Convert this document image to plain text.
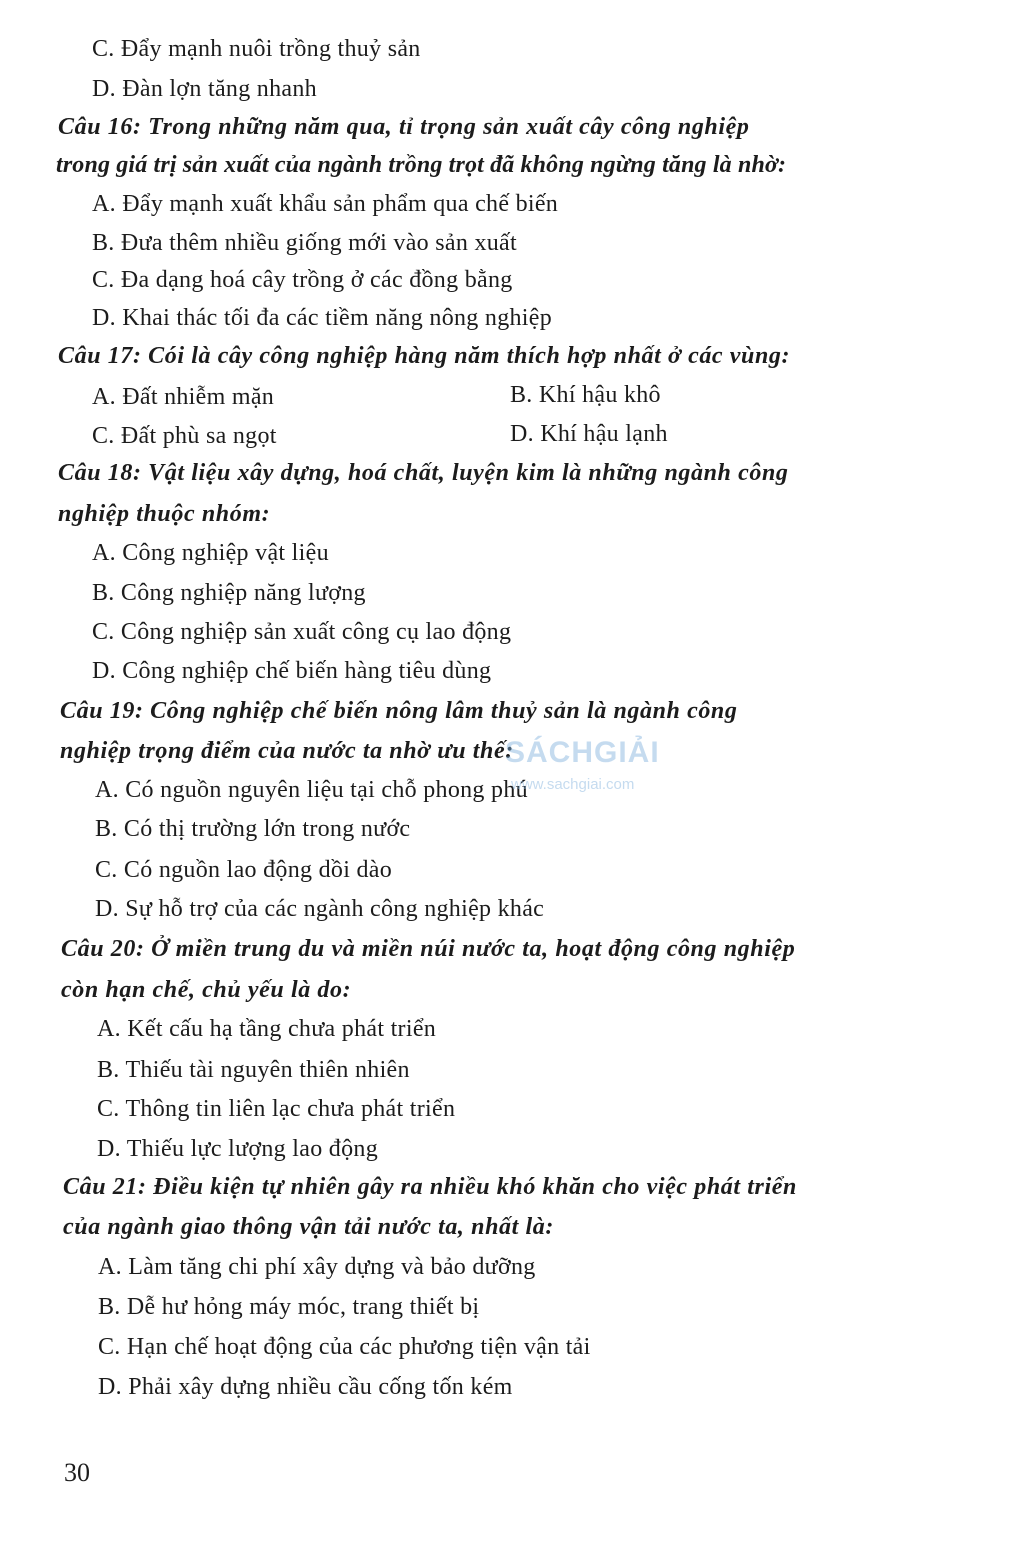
C. Đẩy mạnh nuôi trồng thuỷ sản
D. Đàn lợn tăng nhanh
Câu 16: Trong những năm qua, tỉ trọng sản xuất cây công nghiệp
trong giá trị sản xuất của ngành trồng trọt đã không ngừng tăng là nhờ:
A. Đẩy mạnh xuất khẩu sản phẩm qua chế biến
B. Đưa thêm nhiều giống mới vào sản xuất
C. Đa dạng hoá cây trồng ở các đồng bằng
D. Khai thác tối đa các tiềm năng nông nghiệp
Câu 17: Cói là cây công nghiệp hàng năm thích hợp nhất ở các vùng:
A. Đất nhiễm mặn	B. Khí hậu khô
C. Đất phù sa ngọt	D. Khí hậu lạnh
Câu 18: Vật liệu xây dựng, hoá chất, luyện kim là những ngành công
nghiệp thuộc nhóm:
A. Công nghiệp vật liệu
B. Công nghiệp năng lượng
C. Công nghiệp sản xuất công cụ lao động
D. Công nghiệp chế biến hàng tiêu dùng
Câu 19: Công nghiệp chế biến nông lâm thuỷ sản là ngành công
nghiệp trọng điểm của nước ta nhờ ưu thế:
A. Có nguồn nguyên liệu tại chỗ phong phú
B. Có thị trường lớn trong nước
C. Có nguồn lao động dồi dào
D. Sự hỗ trợ của các ngành công nghiệp khác
Câu 20: Ở miền trung du và miền núi nước ta, hoạt động công nghiệp
còn hạn chế, chủ yếu là do:
A. Kết cấu hạ tầng chưa phát triển
B. Thiếu tài nguyên thiên nhiên
C. Thông tin liên lạc chưa phát triển
D. Thiếu lực lượng lao động
Câu 21: Điều kiện tự nhiên gây ra nhiều khó khăn cho việc phát triển
của ngành giao thông vận tải nước ta, nhất là:
A. Làm tăng chi phí xây dựng và bảo dưỡng
B. Dễ hư hỏng máy móc, trang thiết bị
C. Hạn chế hoạt động của các phương tiện vận tải
D. Phải xây dựng nhiều cầu cống tốn kém
30
SÁCHGIẢI
www.sachgiai.com
